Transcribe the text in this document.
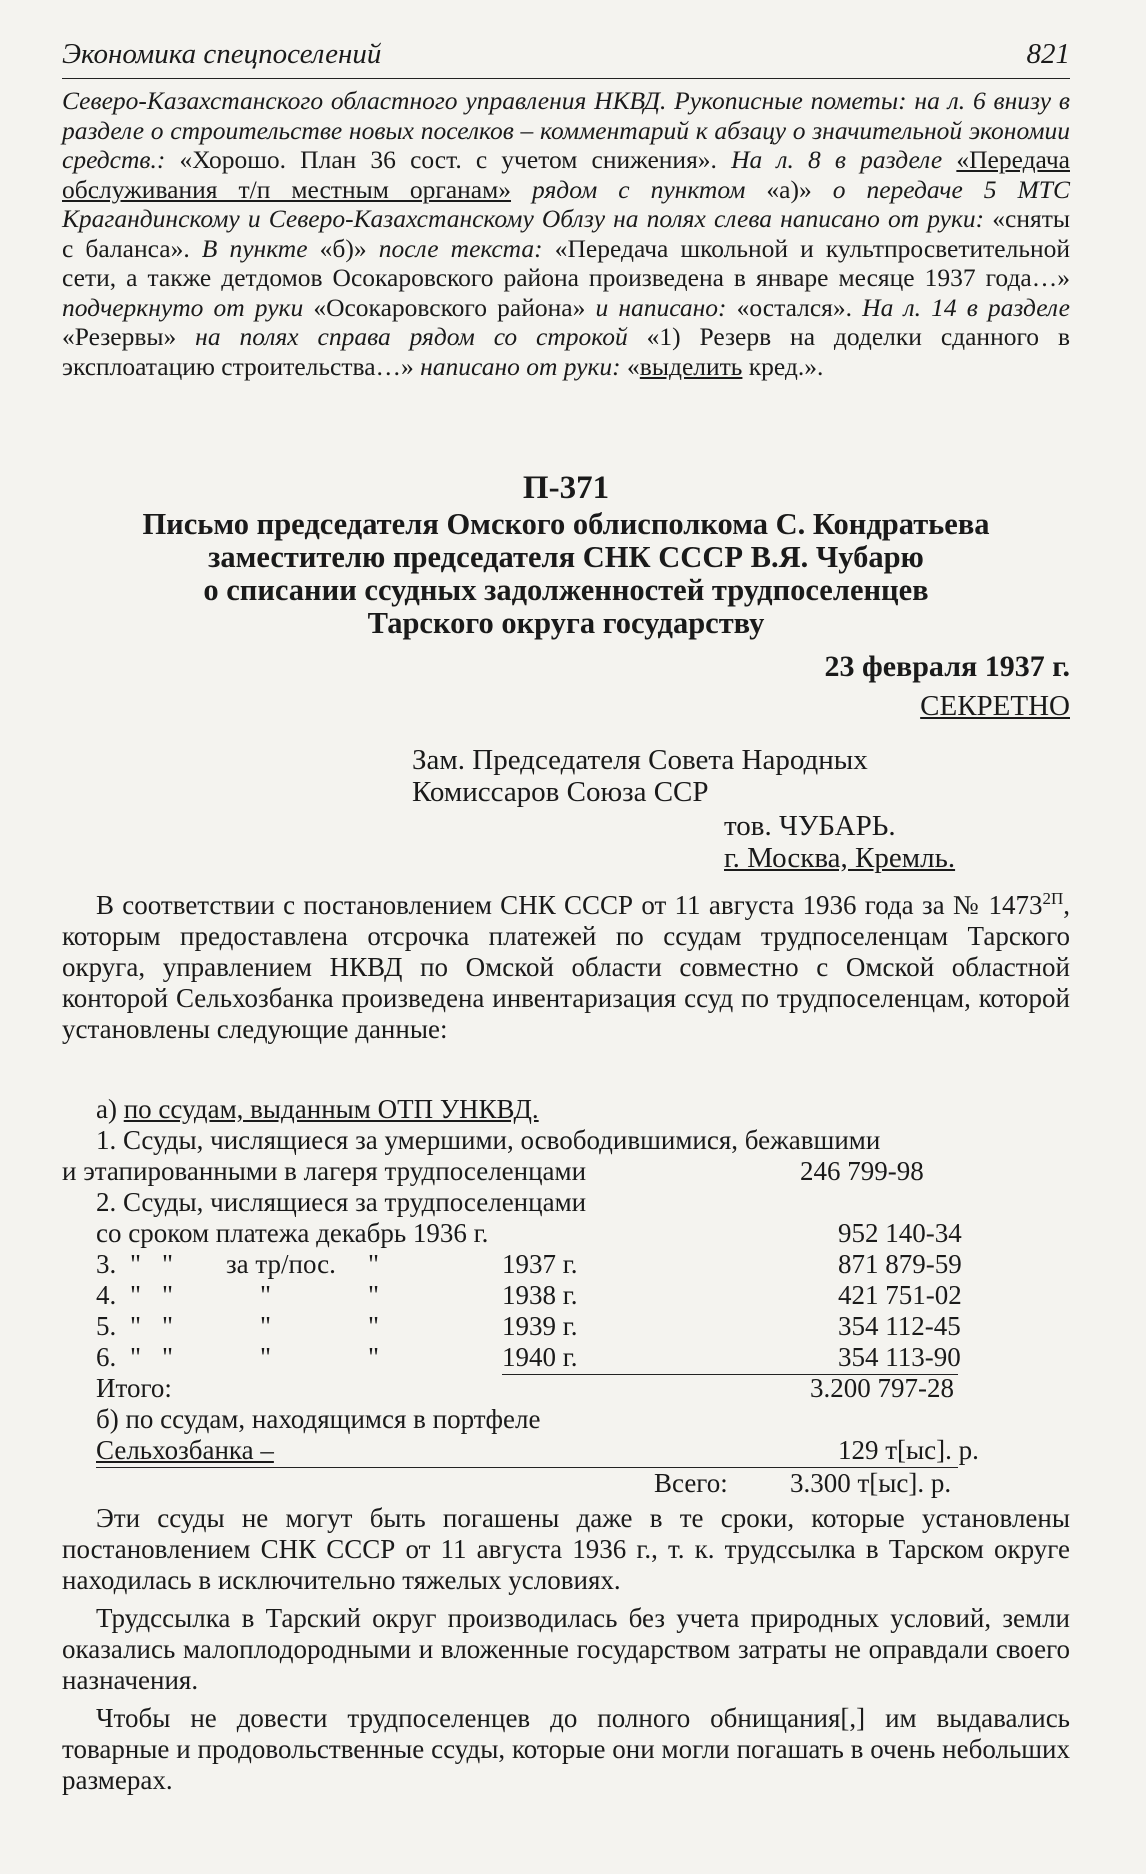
Экономика спецпоселений	821
Северо-Казахстанского областного управления НКВД. Рукописные пометы: на л. 6 внизу в разделе о строительстве новых поселков – комментарий к абзацу о значительной экономии средств.: «Хорошо. План 36 сост. с учетом снижения». На л. 8 в разделе «Передача обслуживания т/п местным органам» рядом с пунктом «а)» о передаче 5 МТС Крагандинскому и Северо-Казахстанскому Облзу на полях слева написано от руки: «сняты с баланса». В пункте «б)» после текста: «Передача школьной и культпросветительной сети, а также детдомов Осокаровского района произведена в январе месяце 1937 года…» подчеркнуто от руки «Осокаровского района» и написано: «остался». На л. 14 в разделе «Резервы» на полях справа рядом со строкой «1) Резерв на доделки сданного в эксплоатацию строительства…» написано от руки: «выделить кред.».
П-371
Письмо председателя Омского облисполкома С. Кондратьева
заместителю председателя СНК СССР В.Я. Чубарю
о списании ссудных задолженностей трудпоселенцев
Тарского округа государству
23 февраля 1937 г.
СЕКРЕТНО
Зам. Председателя Совета Народных
Комиссаров Союза ССР
тов. ЧУБАРЬ.
г. Москва, Кремль.
В соответствии с постановлением СНК СССР от 11 августа 1936 года за № $1473^{2П}$, которым предоставлена отсрочка платежей по ссудам трудпоселенцам Тарского округа, управлением НКВД по Омской области совместно с Омской областной конторой Сельхозбанка произведена инвентаризация ссуд по трудпоселенцам, которой установлены следующие данные:
а) по ссудам, выданным ОТП УНКВД.
1. Ссуды, числящиеся за умершими, освободившимися, бежавшими
и этапированными в лагеря трудпоселенцами	246 799-98
2. Ссуды, числящиеся за трудпоселенцами
со сроком платежа декабрь 1936 г.	952 140-34
3. " " за тр/пос. "	1937 г.	871 879-59
4. " "	"	"	1938 г.	421 751-02
5. " "	"	"	1939 г.	354 112-45
6. " "	"	"	1940 г.	354 113-90
Итого:	3.200 797-28
б) по ссудам, находящимся в портфеле
Сельхозбанка –	129 т[ыс]. р.
Всего: 3.300 т[ыс]. р.
Эти ссуды не могут быть погашены даже в те сроки, которые установлены постановлением СНК СССР от 11 августа 1936 г., т. к. трудссылка в Тарском округе находилась в исключительно тяжелых условиях.
Трудссылка в Тарский округ производилась без учета природных условий, земли оказались малоплодородными и вложенные государством затраты не оправдали своего назначения.
Чтобы не довести трудпоселенцев до полного обнищания[,] им выдавались товарные и продовольственные ссуды, которые они могли погашать в очень небольших размерах.
